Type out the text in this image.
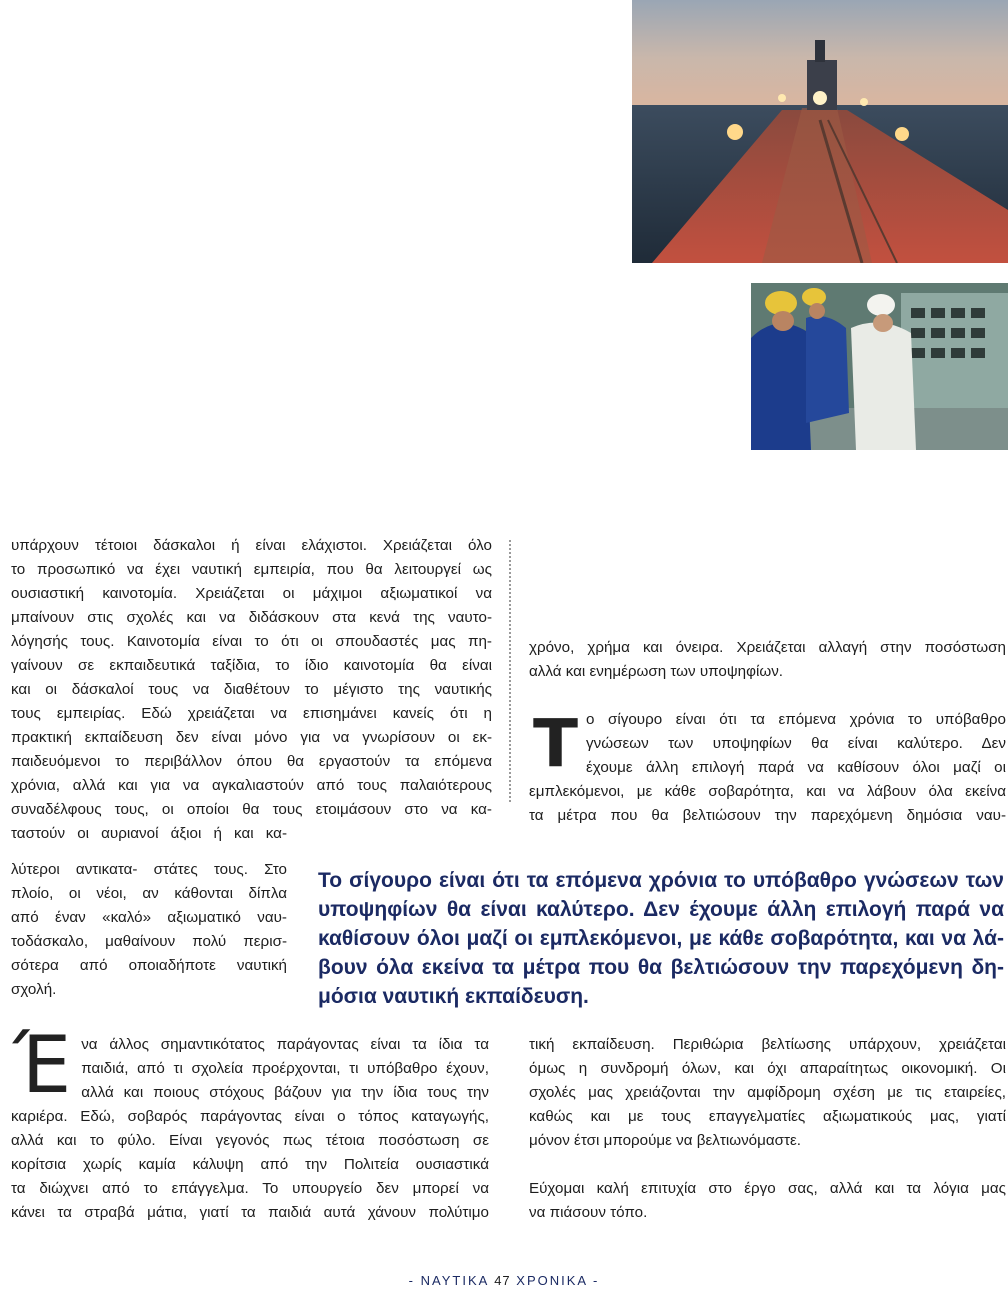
υπάρχουν τέτοιοι δάσκαλοι ή είναι ελάχιστοι. Χρειάζεται όλο

το προσωπικό να έχει ναυτική εμπειρία, που θα λειτουργεί ως

ουσιαστική καινοτομία. Χρειάζεται οι μάχιμοι αξιωματικοί να

μπαίνουν στις σχολές και να διδάσκουν στα κενά της ναυτο-

λόγησής τους. Καινοτομία είναι το ότι οι σπουδαστές μας πη-

γαίνουν σε εκπαιδευτικά ταξίδια, το ίδιο καινοτομία θα είναι

και οι δάσκαλοί τους να διαθέτουν το μέγιστο της ναυτικής

τους εμπειρίας. Εδώ χρειάζεται να επισημάνει κανείς ότι η

πρακτική εκπαίδευση δεν είναι μόνο για να γνωρίσουν οι εκ-

παιδευόμενοι το περιβάλλον όπου θα εργαστούν τα επόμενα

χρόνια, αλλά και για να αγκαλιαστούν από τους παλαιότερους

συναδέλφους τους, οι οποίοι θα τους ετοιμάσουν στο να κα-

ταστούν οι αυριανοί άξιοι ή και κα-

λύτεροι αντικατα- στάτες τους. Στο

πλοίο, οι νέοι, αν κάθονται δίπλα

από έναν «καλό» αξιωματικό ναυ-

τοδάσκαλο, μαθαίνουν πολύ περισ-

σότερα από οποιαδήποτε ναυτική

σχολή.

χρόνο, χρήμα και όνειρα. Χρειάζεται αλλαγή στην ποσόστωση

αλλά και ενημέρωση των υποψηφίων.

Τ ο σίγουρο είναι ότι τα επόμενα χρόνια το υπόβαθρο

γνώσεων των υποψηφίων θα είναι καλύτερο. Δεν

έχουμε άλλη επιλογή παρά να καθίσουν όλοι μαζί οι

εμπλεκόμενοι, με κάθε σοβαρότητα, και να λάβουν όλα εκείνα

τα μέτρα που θα βελτιώσουν την παρεχόμενη δημόσια ναυ-

Το σίγουρο είναι ότι τα επόμενα χρόνια το υπόβαθρο γνώσεων των
υποψηφίων θα είναι καλύτερο. Δεν έχουμε άλλη επιλογή παρά να
καθίσουν όλοι μαζί οι εμπλεκόμενοι, με κάθε σοβαρότητα, και να λά-
βουν όλα εκείνα τα μέτρα που θα βελτιώσουν την παρεχόμενη δη-
μόσια ναυτική εκπαίδευση.
Έ να άλλος σημαντικότατος παράγοντας είναι τα ίδια τα

παιδιά, από τι σχολεία προέρχονται, τι υπόβαθρο έχουν,

αλλά και ποιους στόχους βάζουν για την ίδια τους την

καριέρα. Εδώ, σοβαρός παράγοντας είναι ο τόπος καταγωγής,

αλλά και το φύλο. Είναι γεγονός πως τέτοια ποσόστωση σε

κορίτσια χωρίς καμία κάλυψη από την Πολιτεία ουσιαστικά

τα διώχνει από το επάγγελμα. Το υπουργείο δεν μπορεί να

κάνει τα στραβά μάτια, γιατί τα παιδιά αυτά χάνουν πολύτιμο

τική εκπαίδευση. Περιθώρια βελτίωσης υπάρχουν, χρειάζεται

όμως η συνδρομή όλων, και όχι απαραίτητως οικονομική. Οι

σχολές μας χρειάζονται την αμφίδρομη σχέση με τις εταιρείες,

καθώς και με τους επαγγελματίες αξιωματικούς μας, γιατί

μόνον έτσι μπορούμε να βελτιωνόμαστε.

Εύχομαι καλή επιτυχία στο έργο σας, αλλά και τα λόγια μας

να πιάσουν τόπο.

- ΝΑΥΤΙΚΑ 47 ΧΡΟΝΙΚΑ -
